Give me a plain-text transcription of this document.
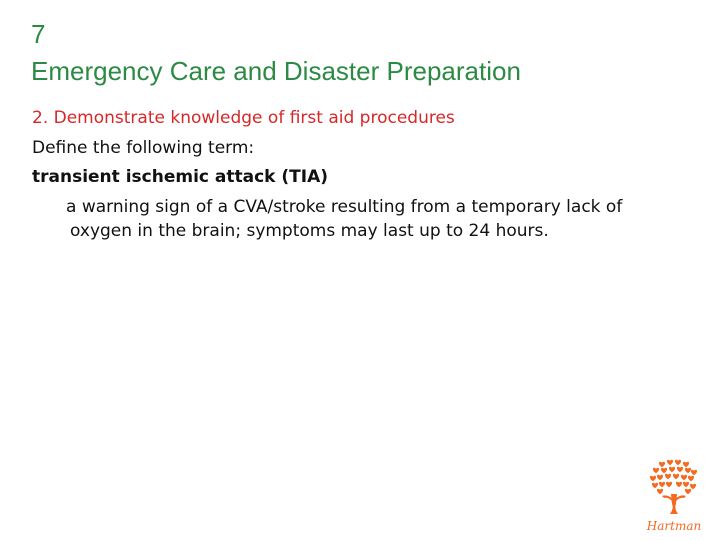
7
Emergency Care and Disaster Preparation
2. Demonstrate knowledge of first aid procedures
Define the following term:
transient ischemic attack (TIA)
a warning sign of a CVA/stroke resulting from a temporary lack of oxygen in the brain; symptoms may last up to 24 hours.
Hartman
